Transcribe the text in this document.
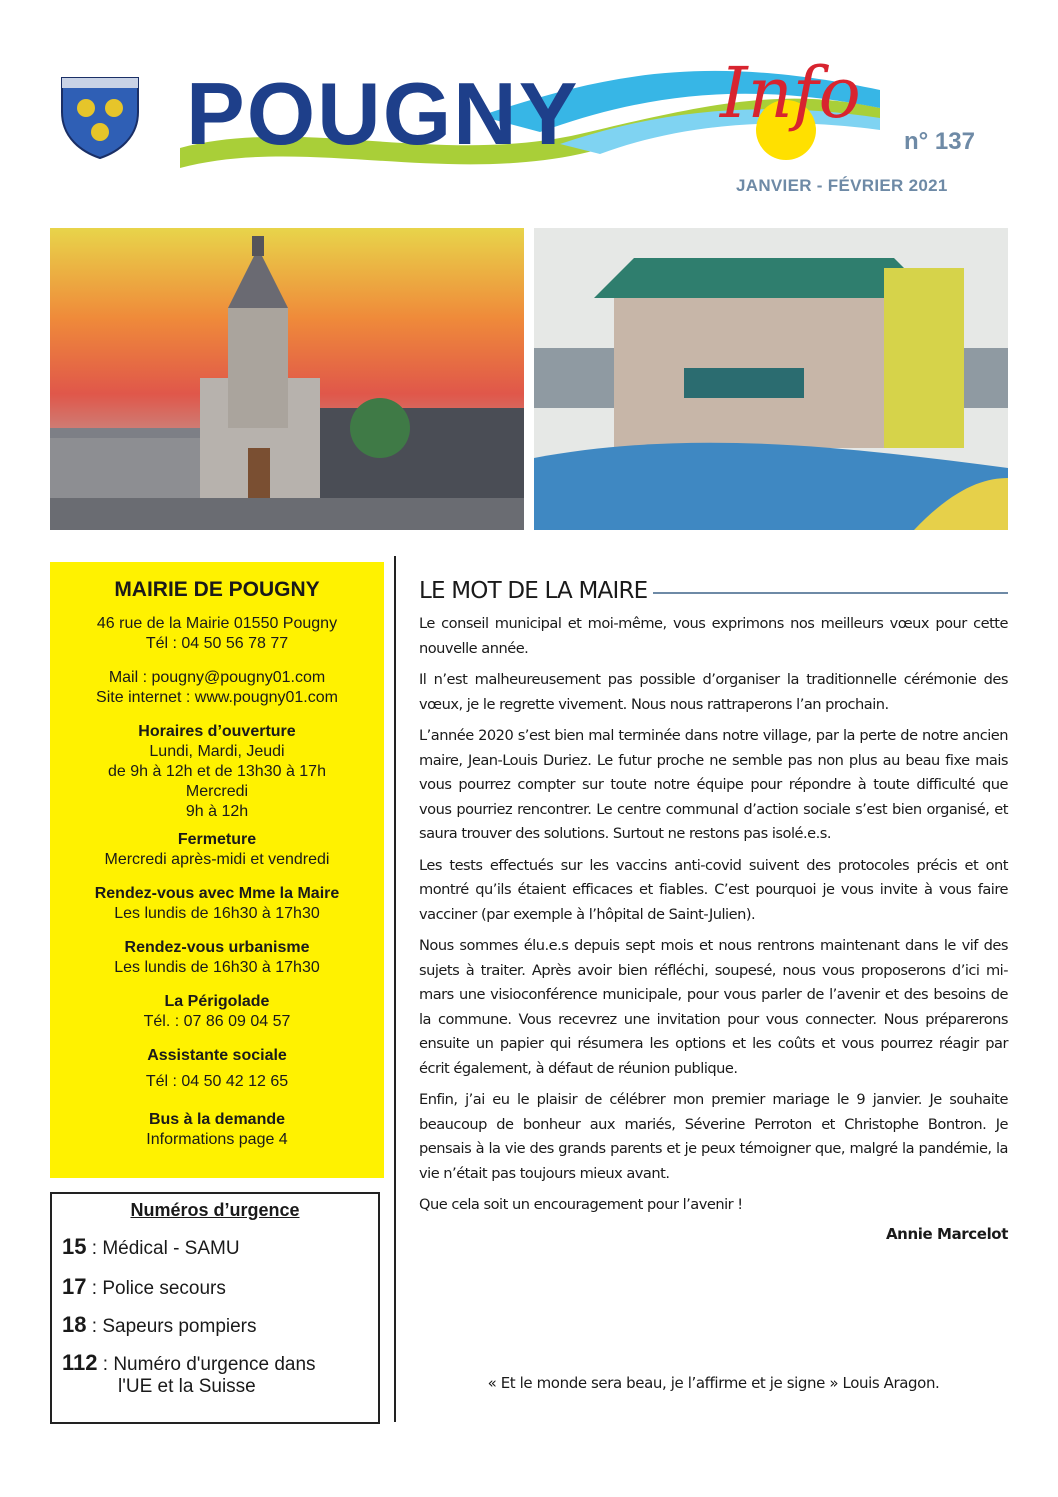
POUGNY Info
n° 137
JANVIER - FÉVRIER 2021
MAIRIE DE POUGNY

46 rue de la Mairie 01550 Pougny

Tél : 04 50 56 78 77

Mail : pougny@pougny01.com

Site internet : www.pougny01.com

Horaires d’ouverture

Lundi, Mardi, Jeudi

de 9h à 12h et de 13h30 à 17h

Mercredi

9h à 12h

Fermeture

Mercredi après-midi et vendredi

Rendez-vous avec Mme la Maire

Les lundis de 16h30 à 17h30

Rendez-vous urbanisme

Les lundis de 16h30 à 17h30

La Périgolade

Tél. : 07 86 09 04 57

Assistante sociale

Tél : 04 50 42 12 65

Bus à la demande

Informations page 4

Numéros d’urgence
15 : Médical - SAMU
17 : Police secours
18 : Sapeurs pompiers
112 : Numéro d'urgence dans
l'UE et la Suisse
LE MOT DE LA MAIRE

Le conseil municipal et moi-même, vous exprimons nos meilleurs vœux pour cette nouvelle année.

Il n’est malheureusement pas possible d’organiser la traditionnelle cérémonie des vœux, je le regrette vivement. Nous nous rattraperons l’an prochain.

L’année 2020 s’est bien mal terminée dans notre village, par la perte de notre ancien maire, Jean-Louis Duriez. Le futur proche ne semble pas non plus au beau fixe mais vous pourrez compter sur toute notre équipe pour répondre à toute difficulté que vous pourriez rencontrer. Le centre communal d’action sociale s’est bien organisé, et saura trouver des solutions. Surtout ne restons pas isolé.e.s.

Les tests effectués sur les vaccins anti-covid suivent des protocoles précis et ont montré qu’ils étaient efficaces et fiables. C’est pourquoi je vous invite à vous faire vacciner (par exemple à l’hôpital de Saint-Julien).

Nous sommes élu.e.s depuis sept mois et nous rentrons maintenant dans le vif des sujets à traiter. Après avoir bien réfléchi, soupesé, nous vous proposerons d’ici mi-mars une visioconférence municipale, pour vous parler de l’avenir et des besoins de la commune. Vous recevrez une invitation pour vous connecter. Nous préparerons ensuite un papier qui résumera les options et les coûts et vous pourrez réagir par écrit également, à défaut de réunion publique.

Enfin, j’ai eu le plaisir de célébrer mon premier mariage le 9 janvier. Je souhaite beaucoup de bonheur aux mariés, Séverine Perroton et Christophe Bontron. Je pensais à la vie des grands parents et je peux témoigner que, malgré la pandémie, la vie n’était pas toujours mieux avant.

Que cela soit un encouragement pour l’avenir !

Annie Marcelot
« Et le monde sera beau, je l’affirme et je signe » Louis Aragon.
